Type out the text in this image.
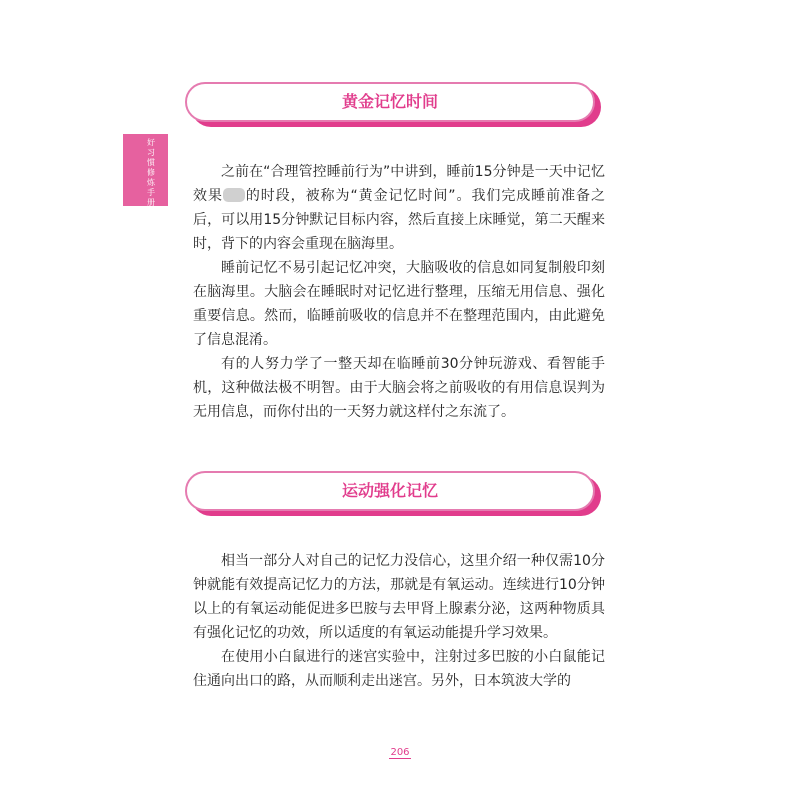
好习惯修炼手册
黄金记忆时间

之前在“合理管控睡前行为”中讲到，睡前15分钟是一天中记忆效果 的时段，被称为“黄金记忆时间”。我们完成睡前准备之后，可以用15分钟默记目标内容，然后直接上床睡觉，第二天醒来时，背下的内容会重现在脑海里。

睡前记忆不易引起记忆冲突，大脑吸收的信息如同复制般印刻在脑海里。大脑会在睡眠时对记忆进行整理，压缩无用信息、强化重要信息。然而，临睡前吸收的信息并不在整理范围内，由此避免了信息混淆。

有的人努力学了一整天却在临睡前30分钟玩游戏、看智能手机，这种做法极不明智。由于大脑会将之前吸收的有用信息误判为无用信息，而你付出的一天努力就这样付之东流了。

运动强化记忆

相当一部分人对自己的记忆力没信心，这里介绍一种仅需10分钟就能有效提高记忆力的方法，那就是有氧运动。连续进行10分钟以上的有氧运动能促进多巴胺与去甲肾上腺素分泌，这两种物质具有强化记忆的功效，所以适度的有氧运动能提升学习效果。

在使用小白鼠进行的迷宫实验中，注射过多巴胺的小白鼠能记住通向出口的路，从而顺利走出迷宫。另外，日本筑波大学的

206
